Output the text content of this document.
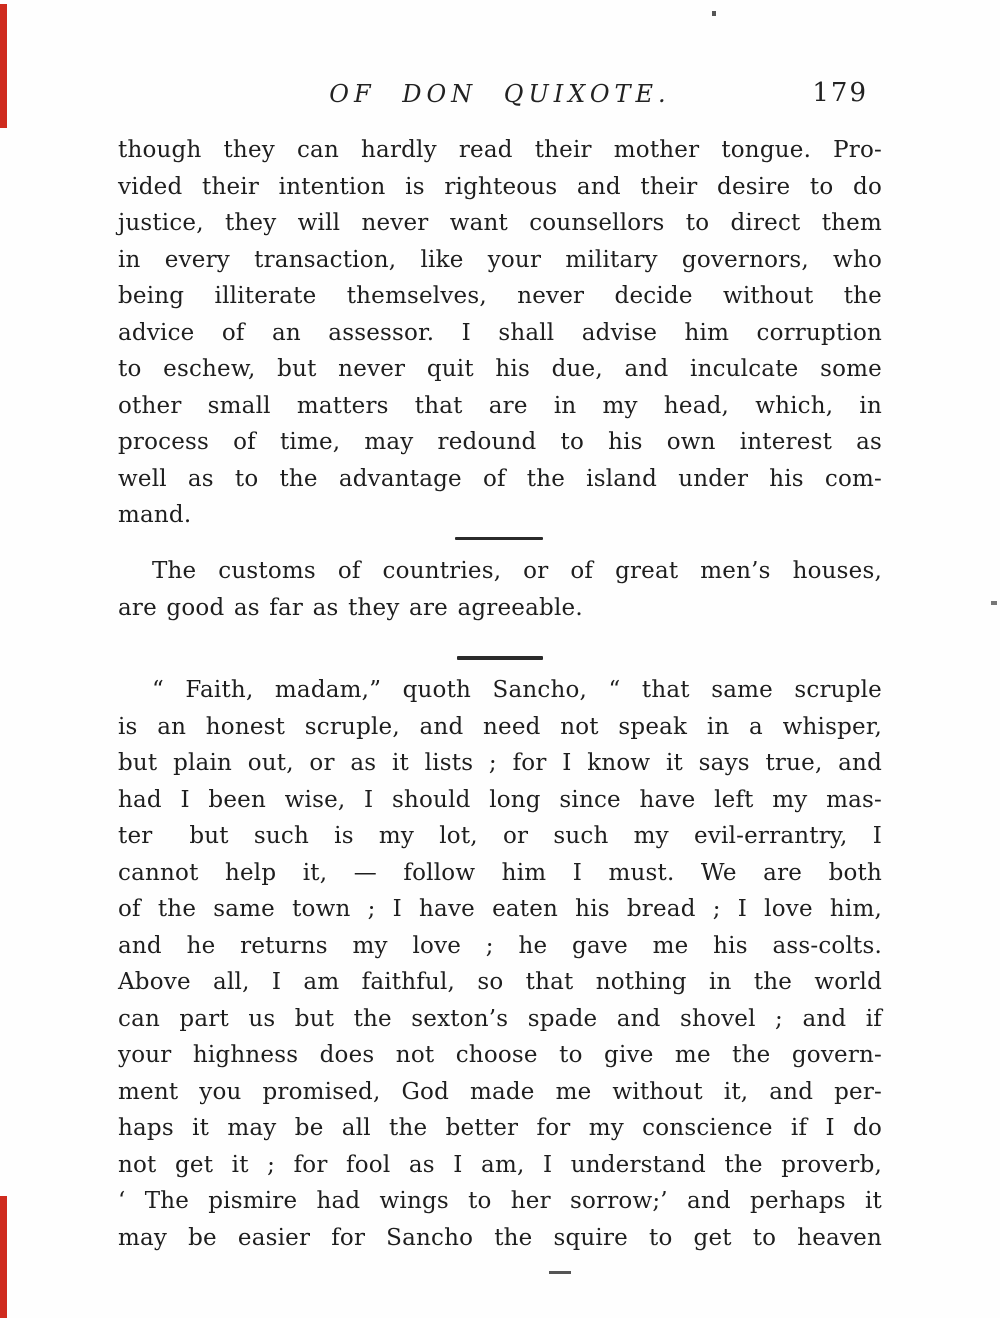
OF DON QUIXOTE.	179
though they can hardly read their mother tongue. Pro-
vided their intention is righteous and their desire to do
justice, they will never want counsellors to direct them
in every transaction, like your military governors, who
being illiterate themselves, never decide without the
advice of an assessor. I shall advise him corruption
to eschew, but never quit his due, and inculcate some
other small matters that are in my head, which, in
process of time, may redound to his own interest as
well as to the advantage of the island under his com-
mand.
The customs of countries, or of great men’s houses,
are good as far as they are agreeable.
“ Faith, madam,” quoth Sancho, “ that same scruple
is an honest scruple, and need not speak in a whisper,
but plain out, or as it lists ; for I know it says true, and
had I been wise, I should long since have left my mas-
ter  but such is my lot, or such my evil-errantry, I
cannot help it, — follow him I must. We are both
of the same town ; I have eaten his bread ; I love him,
and he returns my love ; he gave me his ass-colts.
Above all, I am faithful, so that nothing in the world
can part us but the sexton’s spade and shovel ; and if
your highness does not choose to give me the govern-
ment you promised, God made me without it, and per-
haps it may be all the better for my conscience if I do
not get it ; for fool as I am, I understand the proverb,
‘ The pismire had wings to her sorrow;’ and perhaps it
may be easier for Sancho the squire to get to heaven
